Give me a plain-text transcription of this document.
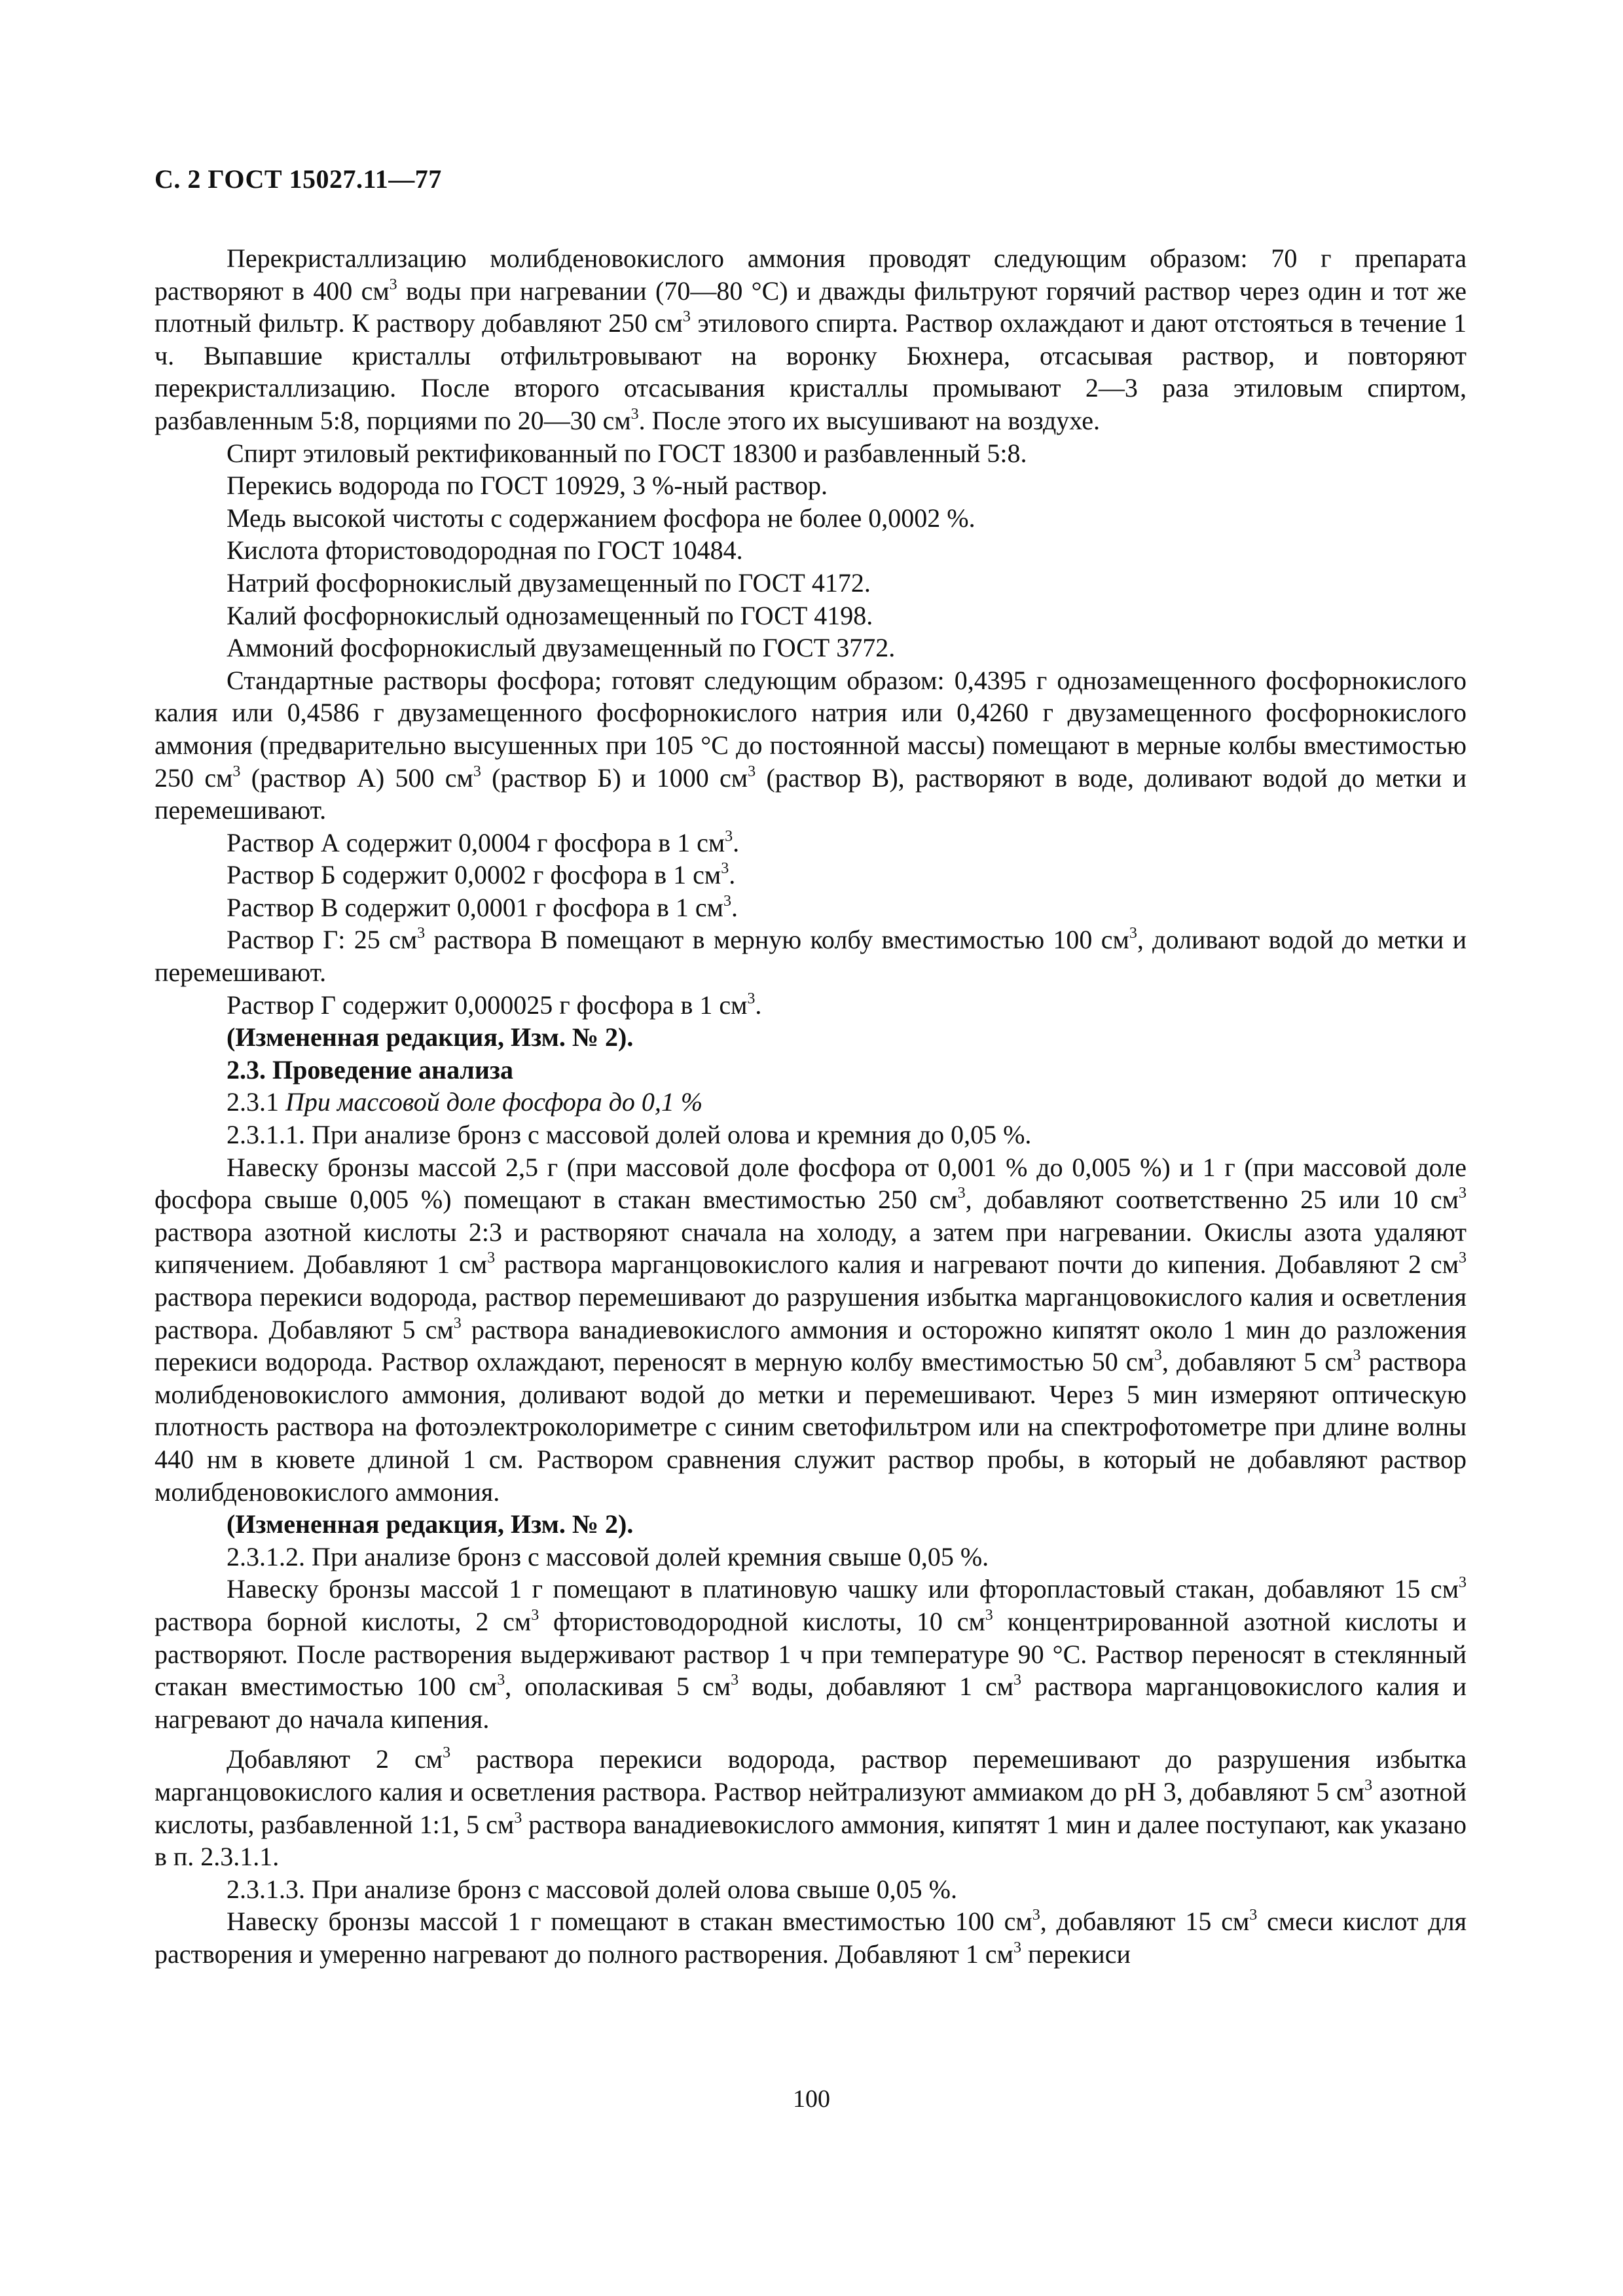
С. 2 ГОСТ 15027.11—77

Перекристаллизацию молибденовокислого аммония проводят следующим образом: 70 г препарата растворяют в 400 $см^3$ воды при нагревании (70—80 °С) и дважды фильтруют горячий раствор через один и тот же плотный фильтр. К раствору добавляют 250 $см^3$ этилового спирта. Раствор охлаждают и дают отстояться в течение 1 ч. Выпавшие кристаллы отфильтровывают на воронку Бюхнера, отсасывая раствор, и повторяют перекристаллизацию. После второго отсасывания кристаллы промывают 2—3 раза этиловым спиртом, разбавленным 5:8, порциями по 20—30 $см^3$. После этого их высушивают на воздухе.

Спирт этиловый ректификованный по ГОСТ 18300 и разбавленный 5:8.

Перекись водорода по ГОСТ 10929, 3 %-ный раствор.

Медь высокой чистоты с содержанием фосфора не более 0,0002 %.

Кислота фтористоводородная по ГОСТ 10484.

Натрий фосфорнокислый двузамещенный по ГОСТ 4172.

Калий фосфорнокислый однозамещенный по ГОСТ 4198.

Аммоний фосфорнокислый двузамещенный по ГОСТ 3772.

Стандартные растворы фосфора; готовят следующим образом: 0,4395 г однозамещенного фосфорнокислого калия или 0,4586 г двузамещенного фосфорнокислого натрия или 0,4260 г двузамещенного фосфорнокислого аммония (предварительно высушенных при 105 °С до постоянной массы) помещают в мерные колбы вместимостью 250 $см^3$ (раствор А) 500 $см^3$ (раствор Б) и 1000 $см^3$ (раствор В), растворяют в воде, доливают водой до метки и перемешивают.

Раствор А содержит 0,0004 г фосфора в 1 $см^3$.

Раствор Б содержит 0,0002 г фосфора в 1 $см^3$.

Раствор В содержит 0,0001 г фосфора в 1 $см^3$.

Раствор Г: 25 $см^3$ раствора В помещают в мерную колбу вместимостью 100 $см^3$, доливают водой до метки и перемешивают.

Раствор Г содержит 0,000025 г фосфора в 1 $см^3$.

(Измененная редакция, Изм. № 2).

2.3. Проведение анализа

2.3.1 При массовой доле фосфора до 0,1 %

2.3.1.1. При анализе бронз с массовой долей олова и кремния до 0,05 %.

Навеску бронзы массой 2,5 г (при массовой доле фосфора от 0,001 % до 0,005 %) и 1 г (при массовой доле фосфора свыше 0,005 %) помещают в стакан вместимостью 250 $см^3$, добавляют соответственно 25 или 10 $см^3$ раствора азотной кислоты 2:3 и растворяют сначала на холоду, а затем при нагревании. Окислы азота удаляют кипячением. Добавляют 1 $см^3$ раствора марганцовокислого калия и нагревают почти до кипения. Добавляют 2 $см^3$ раствора перекиси водорода, раствор перемешивают до разрушения избытка марганцовокислого калия и осветления раствора. Добавляют 5 $см^3$ раствора ванадиевокислого аммония и осторожно кипятят около 1 мин до разложения перекиси водорода. Раствор охлаждают, переносят в мерную колбу вместимостью 50 $см^3$, добавляют 5 $см^3$ раствора молибденовокислого аммония, доливают водой до метки и перемешивают. Через 5 мин измеряют оптическую плотность раствора на фотоэлектроколориметре с синим светофильтром или на спектрофотометре при длине волны 440 нм в кювете длиной 1 см. Раствором сравнения служит раствор пробы, в который не добавляют раствор молибденовокислого аммония.

(Измененная редакция, Изм. № 2).

2.3.1.2. При анализе бронз с массовой долей кремния свыше 0,05 %.

Навеску бронзы массой 1 г помещают в платиновую чашку или фторопластовый стакан, добавляют 15 $см^3$ раствора борной кислоты, 2 $см^3$ фтористоводородной кислоты, 10 $см^3$ концентрированной азотной кислоты и растворяют. После растворения выдерживают раствор 1 ч при температуре 90 °С. Раствор переносят в стеклянный стакан вместимостью 100 $см^3$, ополаскивая 5 $см^3$ воды, добавляют 1 $см^3$ раствора марганцовокислого калия и нагревают до начала кипения.

Добавляют 2 $см^3$ раствора перекиси водорода, раствор перемешивают до разрушения избытка марганцовокислого калия и осветления раствора. Раствор нейтрализуют аммиаком до рН 3, добавляют 5 $см^3$ азотной кислоты, разбавленной 1:1, 5 $см^3$ раствора ванадиевокислого аммония, кипятят 1 мин и далее поступают, как указано в п. 2.3.1.1.

2.3.1.3. При анализе бронз с массовой долей олова свыше 0,05 %.

Навеску бронзы массой 1 г помещают в стакан вместимостью 100 $см^3$, добавляют 15 $см^3$ смеси кислот для растворения и умеренно нагревают до полного растворения. Добавляют 1 $см^3$ перекиси

100
